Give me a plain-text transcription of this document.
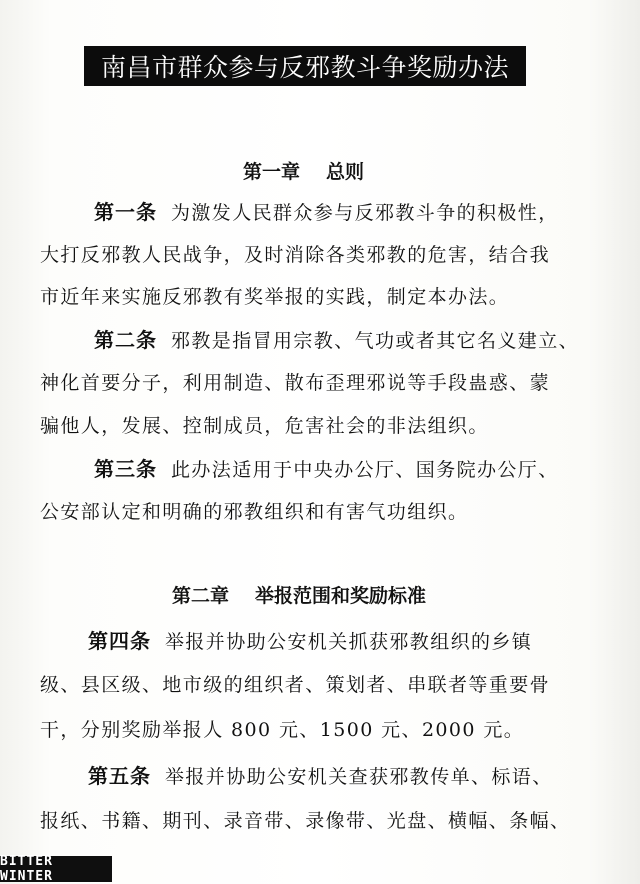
南昌市群众参与反邪教斗争奖励办法
第一章 总则
第一条 为激发人民群众参与反邪教斗争的积极性，
大打反邪教人民战争，及时消除各类邪教的危害，结合我
市近年来实施反邪教有奖举报的实践，制定本办法。
第二条 邪教是指冒用宗教、气功或者其它名义建立、
神化首要分子，利用制造、散布歪理邪说等手段蛊惑、蒙
骗他人，发展、控制成员，危害社会的非法组织。
第三条 此办法适用于中央办公厅、国务院办公厅、
公安部认定和明确的邪教组织和有害气功组织。
第二章 举报范围和奖励标准
第四条 举报并协助公安机关抓获邪教组织的乡镇
级、县区级、地市级的组织者、策划者、串联者等重要骨
干，分别奖励举报人 800 元、1500 元、2000 元。
第五条 举报并协助公安机关查获邪教传单、标语、
报纸、书籍、期刊、录音带、录像带、光盘、横幅、条幅、
BITTER WINTER
